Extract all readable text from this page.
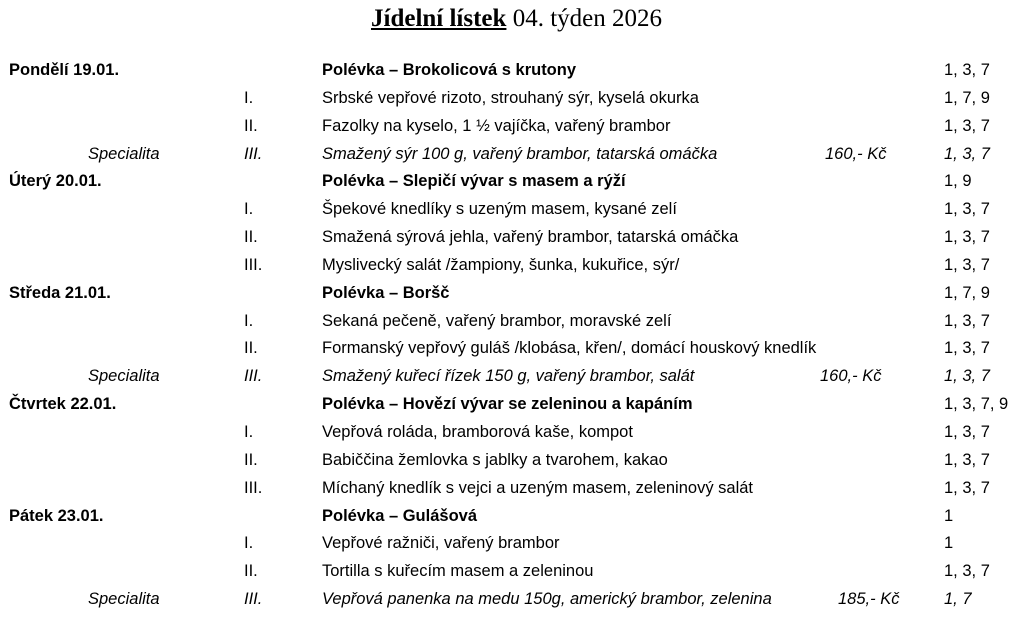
Jídelní lístek 04. týden 2026
Pondělí 19.01.	Polévka – Brokolicová s krutony	1, 3, 7
I.	Srbské vepřové rizoto, strouhaný sýr, kyselá okurka	1, 7, 9
II.	Fazolky na kyselo, 1 ½ vajíčka, vařený brambor	1, 3, 7
Specialita	III.	Smažený sýr 100 g, vařený brambor, tatarská omáčka	160,- Kč	1, 3, 7
Úterý 20.01.	Polévka – Slepičí vývar s masem a rýží	1, 9
I.	Špekové knedlíky s uzeným masem, kysané zelí	1, 3, 7
II.	Smažená sýrová jehla, vařený brambor, tatarská omáčka	1, 3, 7
III.	Myslivecký salát /žampiony, šunka, kukuřice, sýr/	1, 3, 7
Středa 21.01.	Polévka – Boršč	1, 7, 9
I.	Sekaná pečeně, vařený brambor, moravské zelí	1, 3, 7
II.	Formanský vepřový guláš /klobása, křen/, domácí houskový knedlík	1, 3, 7
Specialita	III.	Smažený kuřecí řízek 150 g, vařený brambor, salát	160,- Kč	1, 3, 7
Čtvrtek 22.01.	Polévka – Hovězí vývar se zeleninou a kapáním	1, 3, 7, 9
I.	Vepřová roláda, bramborová kaše, kompot	1, 3, 7
II.	Babiččina žemlovka s jablky a tvarohem, kakao	1, 3, 7
III.	Míchaný knedlík s vejci a uzeným masem, zeleninový salát	1, 3, 7
Pátek 23.01.	Polévka – Gulášová	1
I.	Vepřové ražniči, vařený brambor	1
II.	Tortilla s kuřecím masem a zeleninou	1, 3, 7
Specialita	III.	Vepřová panenka na medu 150g, americký brambor, zelenina	185,- Kč	1, 7
